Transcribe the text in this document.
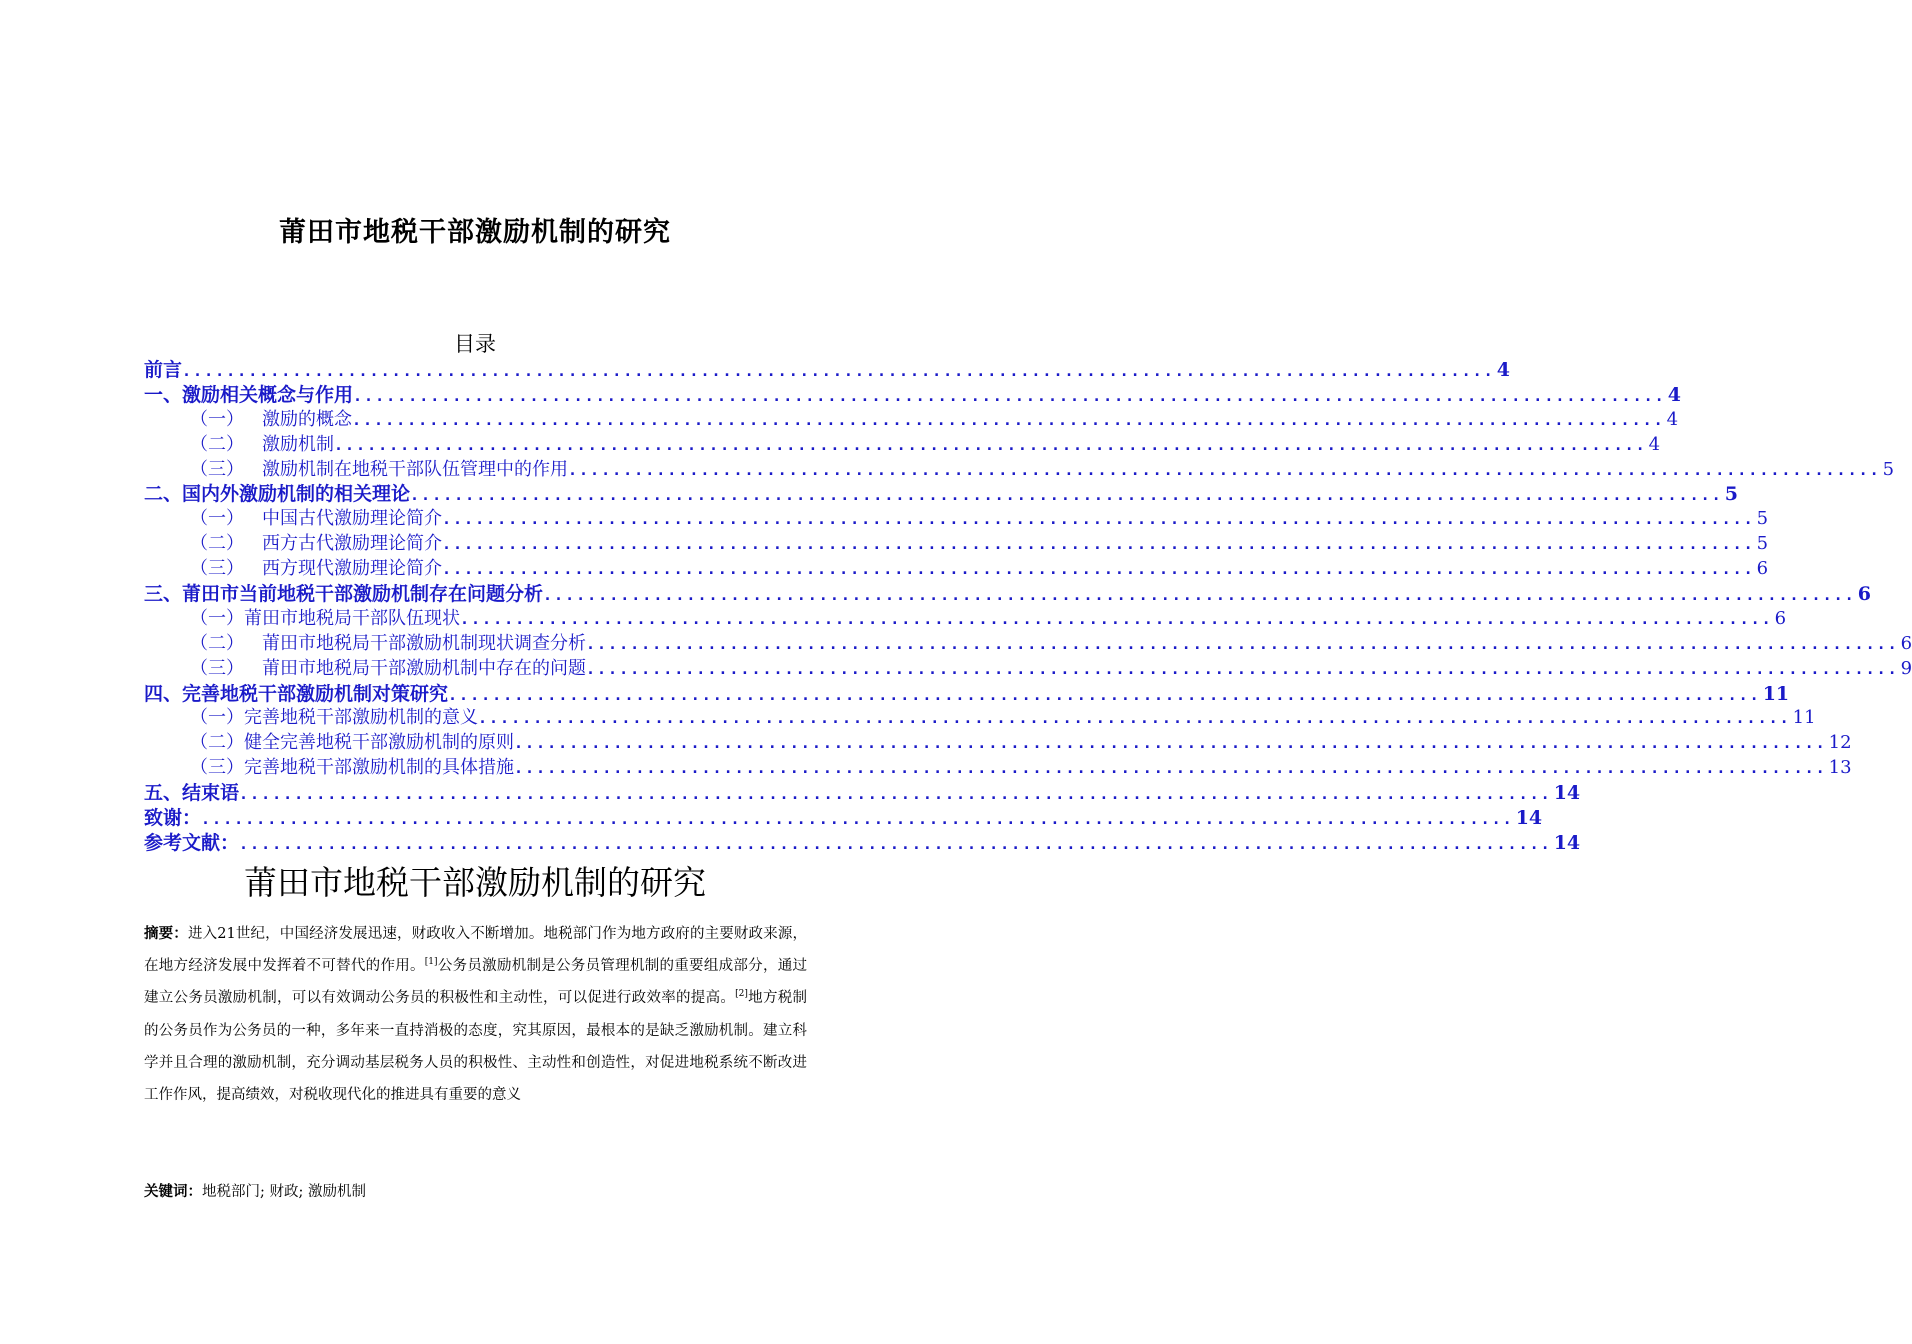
莆田市地税干部激励机制的研究
目录
前言 ....................................................................................................................... 4
一、激励相关概念与作用 ....................................................................................................................... 4
（一） 激励的概念 ....................................................................................................................... 4
（二） 激励机制 ....................................................................................................................... 4
（三） 激励机制在地税干部队伍管理中的作用 ....................................................................................................................... 5
二、国内外激励机制的相关理论 ....................................................................................................................... 5
（一） 中国古代激励理论简介 ....................................................................................................................... 5
（二） 西方古代激励理论简介 ....................................................................................................................... 5
（三） 西方现代激励理论简介 ....................................................................................................................... 6
三、莆田市当前地税干部激励机制存在问题分析 ....................................................................................................................... 6
（一） 莆田市地税局干部队伍现状 ....................................................................................................................... 6
（二） 莆田市地税局干部激励机制现状调查分析 ....................................................................................................................... 6
（三） 莆田市地税局干部激励机制中存在的问题 ....................................................................................................................... 9
四、完善地税干部激励机制对策研究 ....................................................................................................................... 11
（一） 完善地税干部激励机制的意义 ....................................................................................................................... 11
（二） 健全完善地税干部激励机制的原则 ....................................................................................................................... 12
（三） 完善地税干部激励机制的具体措施 ....................................................................................................................... 13
五、结束语 ....................................................................................................................... 14
致谢： ....................................................................................................................... 14
参考文献： ....................................................................................................................... 14
莆田市地税干部激励机制的研究
摘要：进入21世纪，中国经济发展迅速，财政收入不断增加。地税部门作为地方政府的主要财政来源，在地方经济发展中发挥着不可替代的作用。[1]公务员激励机制是公务员管理机制的重要组成部分，通过建立公务员激励机制，可以有效调动公务员的积极性和主动性，可以促进行政效率的提高。[2]地方税制的公务员作为公务员的一种，多年来一直持消极的态度，究其原因，最根本的是缺乏激励机制。建立科学并且合理的激励机制，充分调动基层税务人员的积极性、主动性和创造性，对促进地税系统不断改进工作作风，提高绩效，对税收现代化的推进具有重要的意义
关键词：地税部门; 财政; 激励机制
